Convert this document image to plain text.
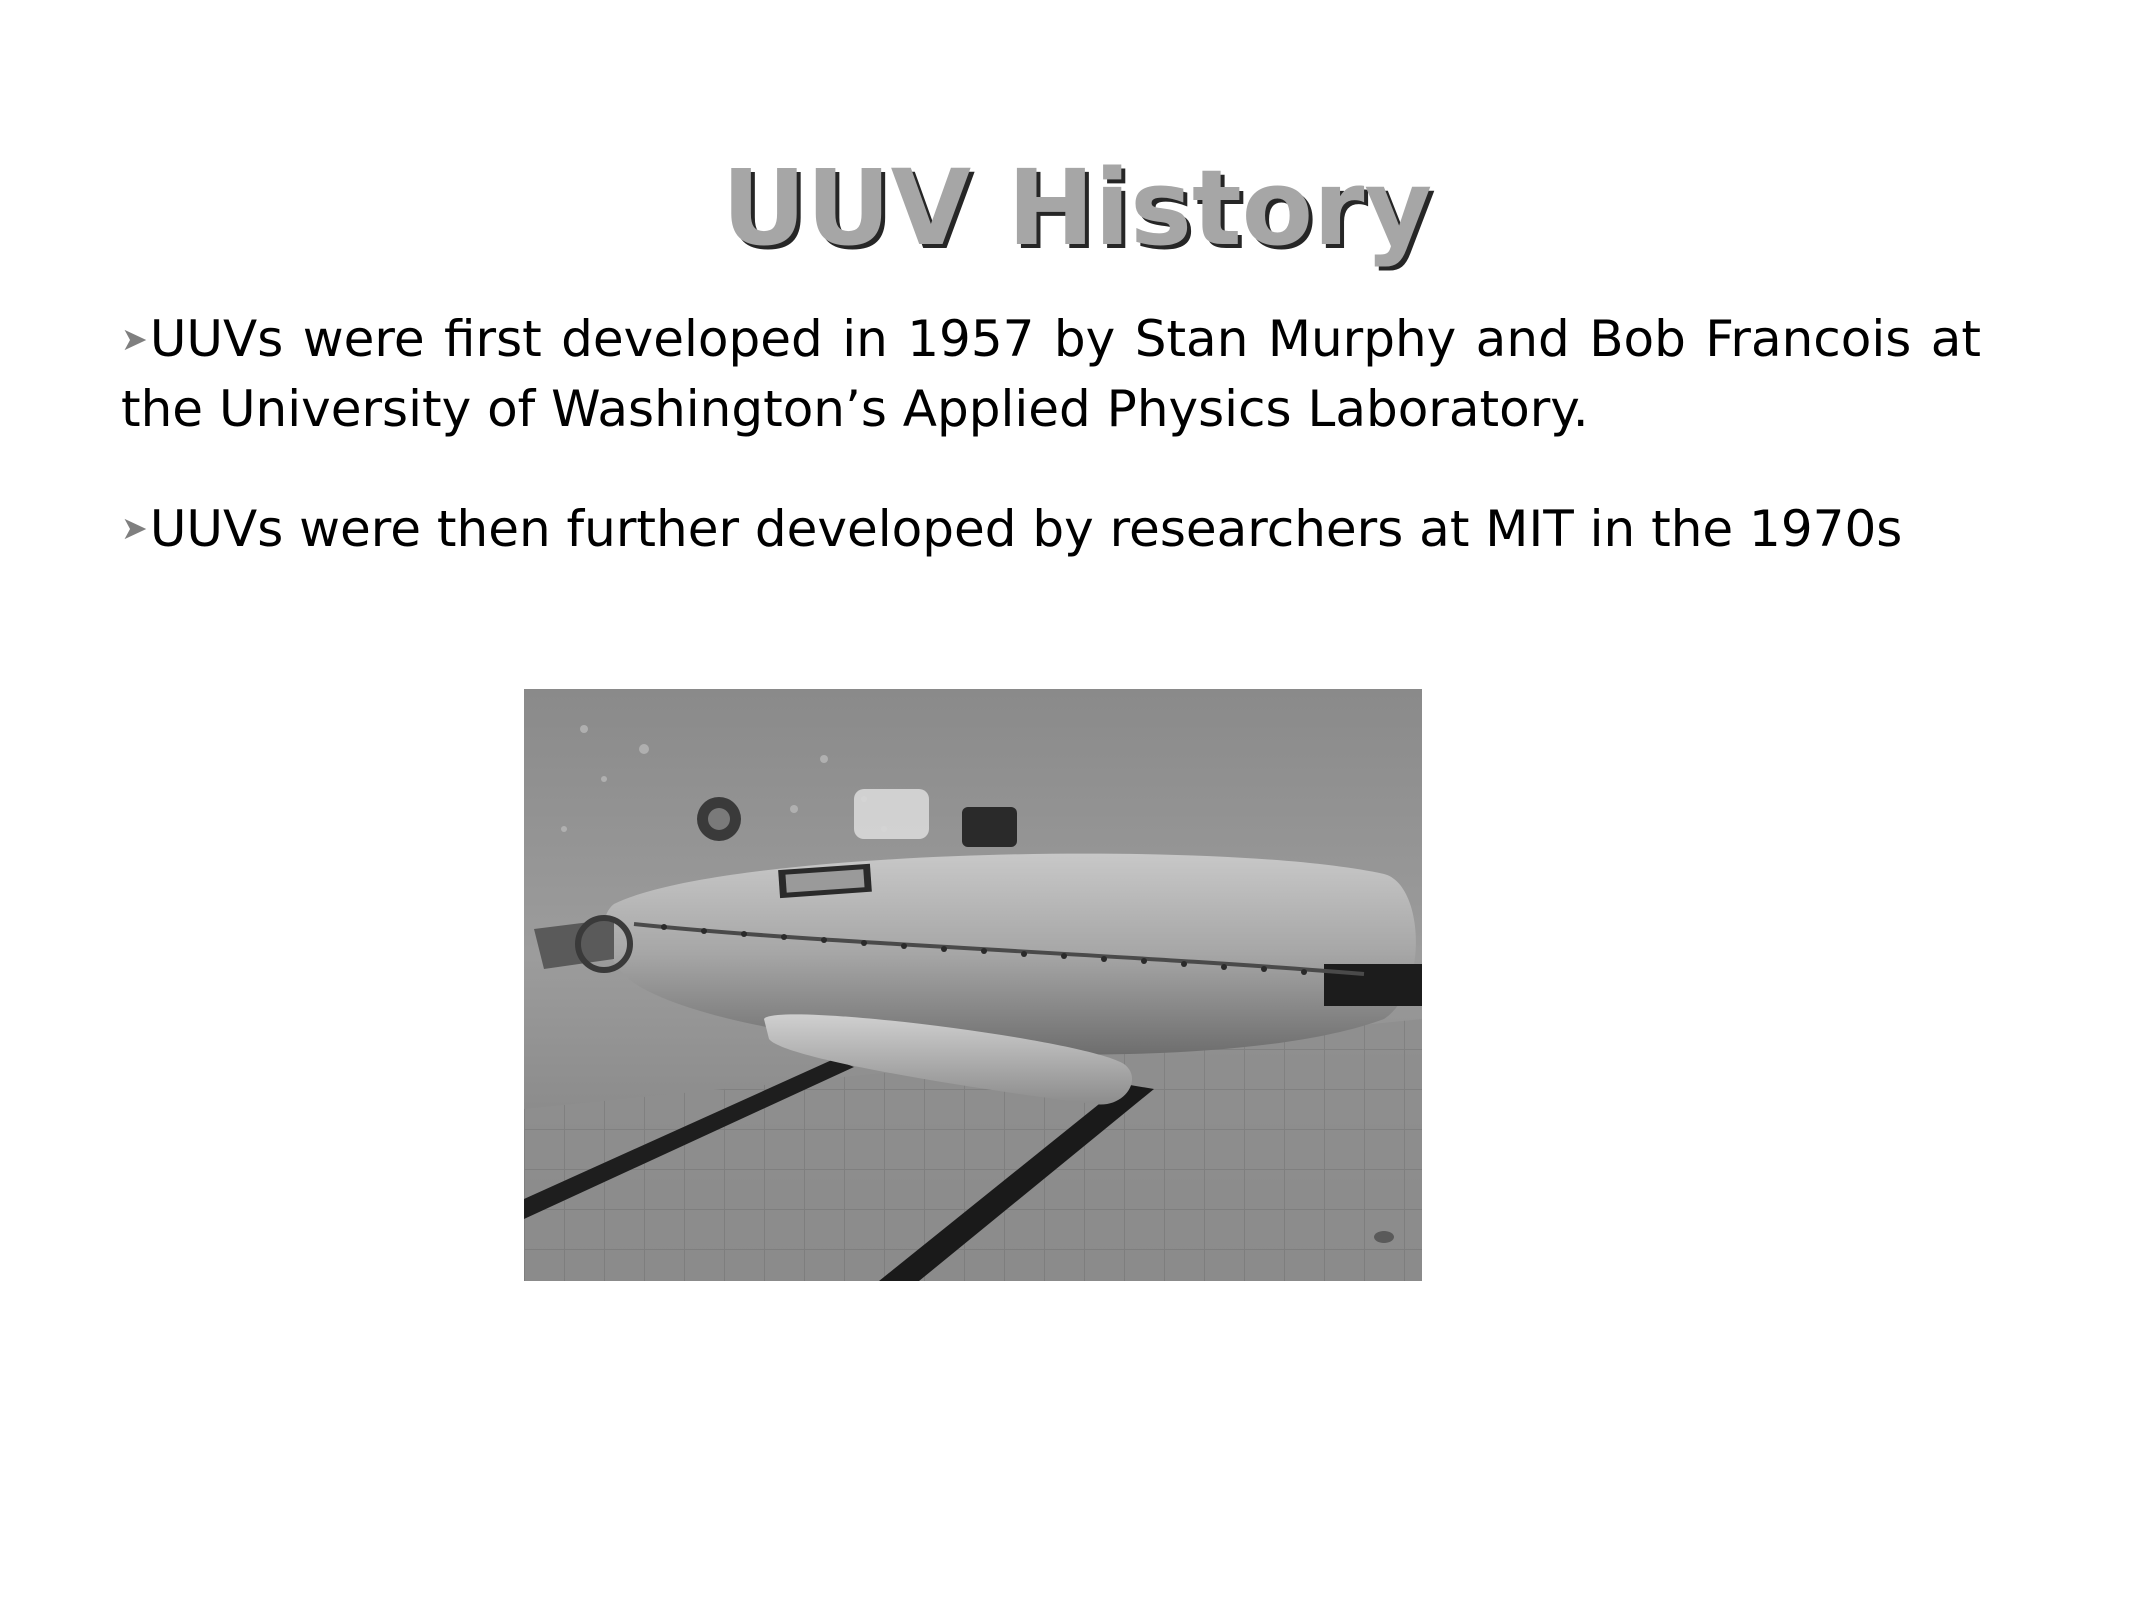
UUV History
➤UUVs were first developed in 1957 by Stan Murphy and Bob Francois at the University of Washington’s Applied Physics Laboratory.
➤UUVs were then further developed by researchers at MIT in the 1970s
